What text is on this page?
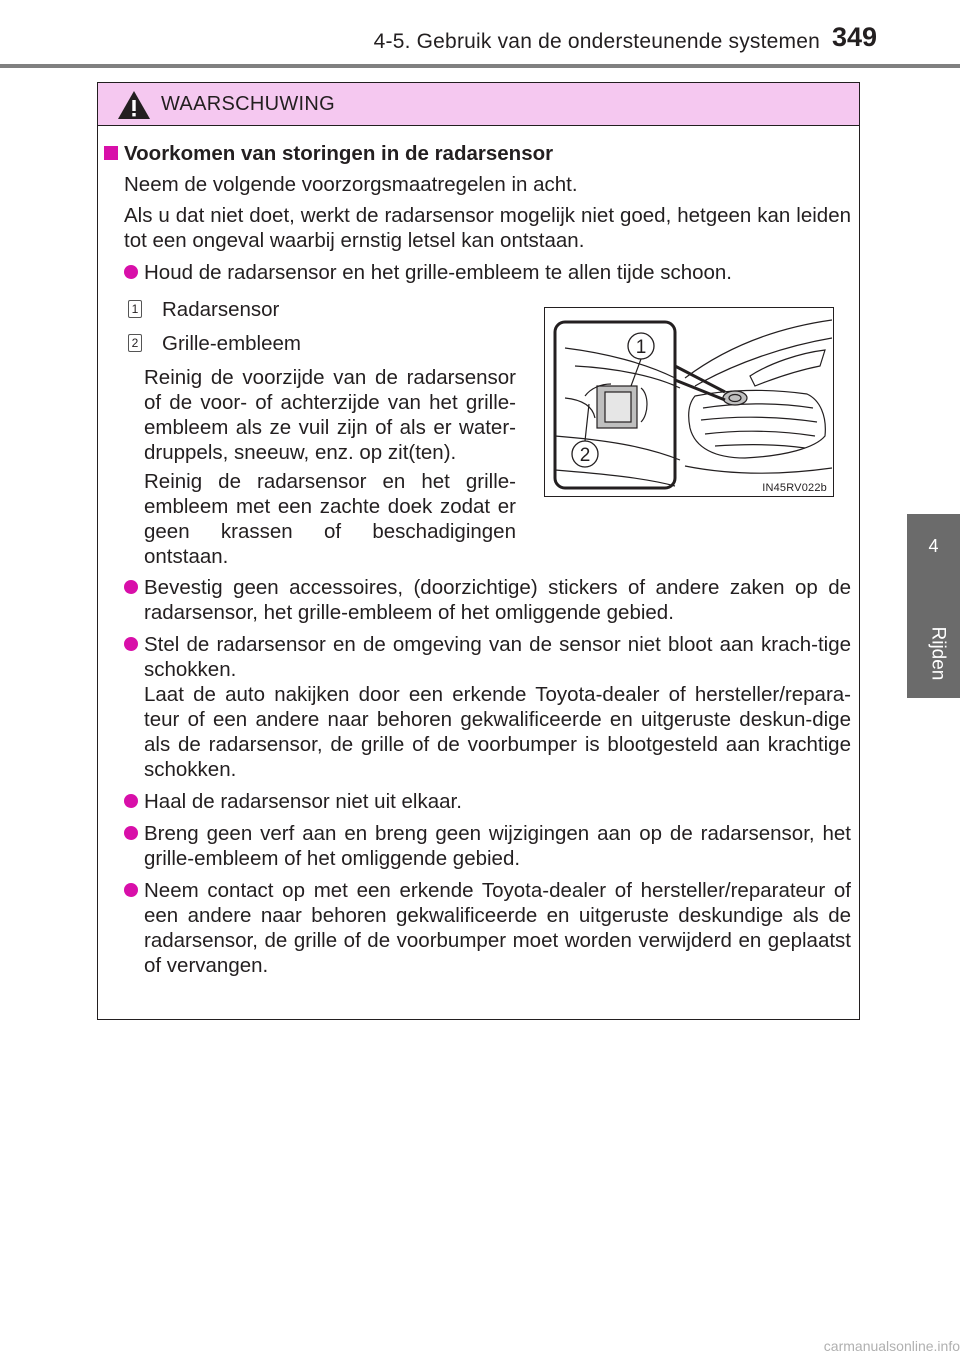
4-5. Gebruik van de ondersteunende systemen 349
4
Rijden
WAARSCHUWING
Voorkomen van storingen in de radarsensor
Neem de volgende voorzorgsmaatregelen in acht.
Als u dat niet doet, werkt de radarsensor mogelijk niet goed, hetgeen kan leiden tot een ongeval waarbij ernstig letsel kan ontstaan.
Houd de radarsensor en het grille-embleem te allen tijde schoon.
1 Radarsensor
2 Grille-embleem
Reinig de voorzijde van de radarsensor of de voor- of achterzijde van het grille-embleem als ze vuil zijn of als er water-druppels, sneeuw, enz. op zit(ten).
Reinig de radarsensor en het grille-embleem met een zachte doek zodat er geen krassen of beschadigingen ontstaan.
Bevestig geen accessoires, (doorzichtige) stickers of andere zaken op de radarsensor, het grille-embleem of het omliggende gebied.
Stel de radarsensor en de omgeving van de sensor niet bloot aan krach-tige schokken.
Laat de auto nakijken door een erkende Toyota-dealer of hersteller/repara-teur of een andere naar behoren gekwalificeerde en uitgeruste deskun-dige als de radarsensor, de grille of de voorbumper is blootgesteld aan krachtige schokken.
Haal de radarsensor niet uit elkaar.
Breng geen verf aan en breng geen wijzigingen aan op de radarsensor, het grille-embleem of het omliggende gebied.
Neem contact op met een erkende Toyota-dealer of hersteller/reparateur of een andere naar behoren gekwalificeerde en uitgeruste deskundige als de radarsensor, de grille of de voorbumper moet worden verwijderd en geplaatst of vervangen.
1
2
IN45RV022b
carmanualsonline.info
